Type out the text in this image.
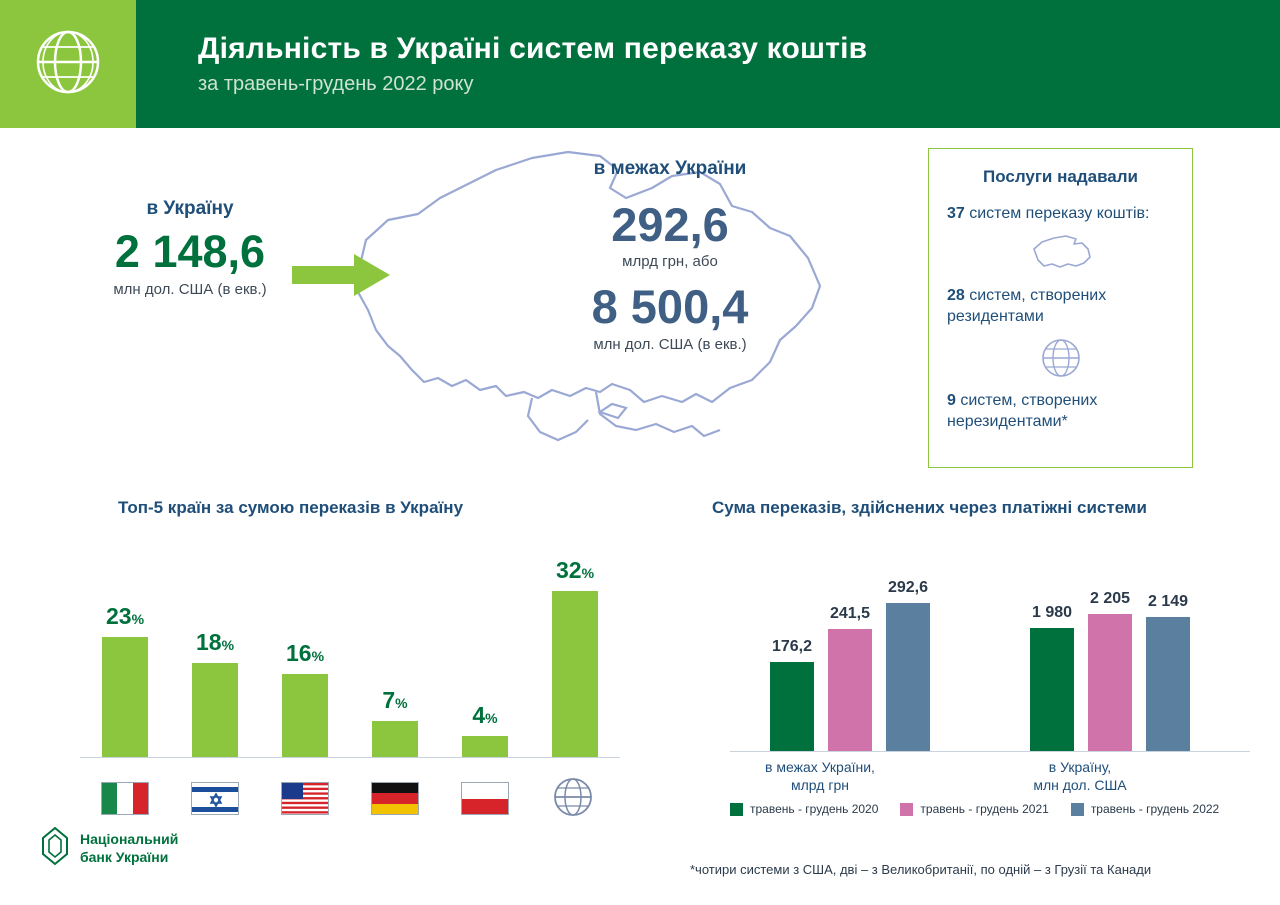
Діяльність в Україні систем переказу коштів
за травень-грудень 2022 року
в Україну
2 148,6
млн дол. США (в екв.)
в межах України
292,6
млрд грн, або
8 500,4
млн дол. США (в екв.)
Послуги надавали

37 систем переказу коштів:

28 систем, створених резидентами

9 систем, створених нерезидентами*

Топ-5 країн за сумою переказів в Україну	Сума переказів, здійснених через платіжні системи
23%
18% 16%
7%	4%
32%
Національний
банк України
176,2
241,5
292,6
1 980
2 205 2 149
травень - грудень 2020	травень - грудень 2021	травень - грудень 2022
в межах України,
млрд грн
в Україну,
млн дол. США
*чотири системи з США, дві – з Великобританії, по одній – з Грузії та Канади
